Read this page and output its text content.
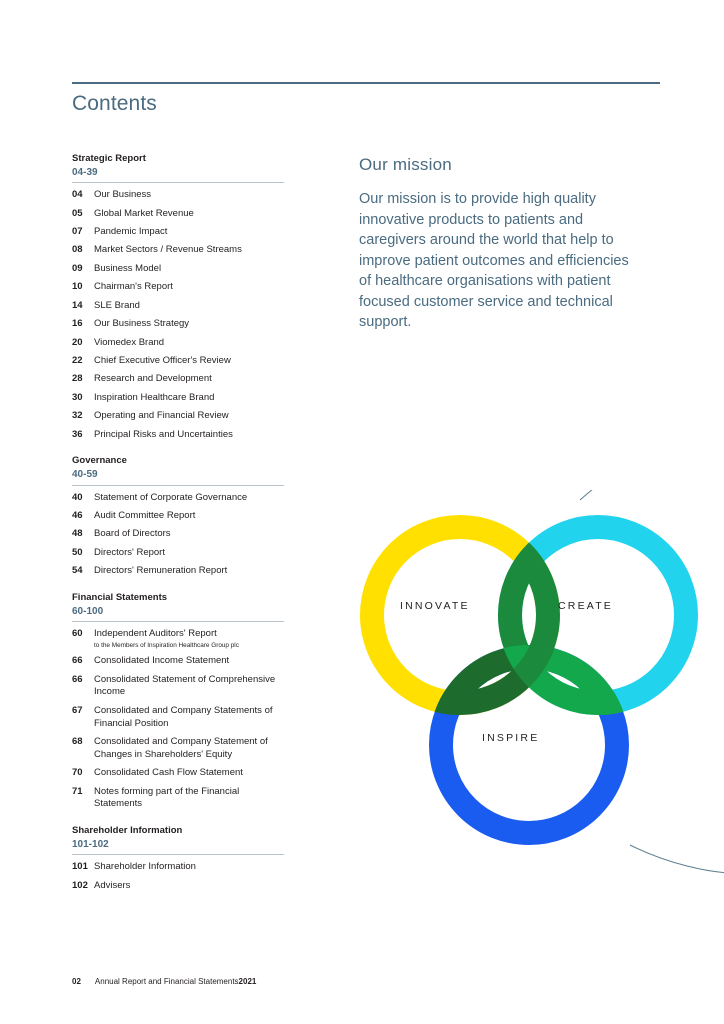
Contents
Strategic Report
04-39
04	Our Business
05	Global Market Revenue
07	Pandemic Impact
08	Market Sectors / Revenue Streams
09	Business Model
10	Chairman's Report
14	SLE Brand
16	Our Business Strategy
20	Viomedex Brand
22	Chief Executive Officer's Review
28	Research and Development
30	Inspiration Healthcare Brand
32	Operating and Financial Review
36	Principal Risks and Uncertainties
Governance
40-59
40	Statement of Corporate Governance
46	Audit Committee Report
48	Board of Directors
50	Directors' Report
54	Directors' Remuneration Report
Financial Statements
60-100
60	Independent Auditors' Report
to the Members of Inspiration Healthcare Group plc
66	Consolidated Income Statement
66	Consolidated Statement of Comprehensive Income
67	Consolidated and Company Statements of Financial Position
68	Consolidated and Company Statement of Changes in Shareholders' Equity
70	Consolidated Cash Flow Statement
71	Notes forming part of the Financial Statements
Shareholder Information
101-102
101 Shareholder Information
102 Advisers
Our mission
Our mission is to provide high quality innovative products to patients and caregivers around the world that help to improve patient outcomes and efficiencies of healthcare organisations with patient focused customer service and technical support.
INNOVATE	CREATE
INSPIRE
02 Annual Report and Financial Statements 2021
